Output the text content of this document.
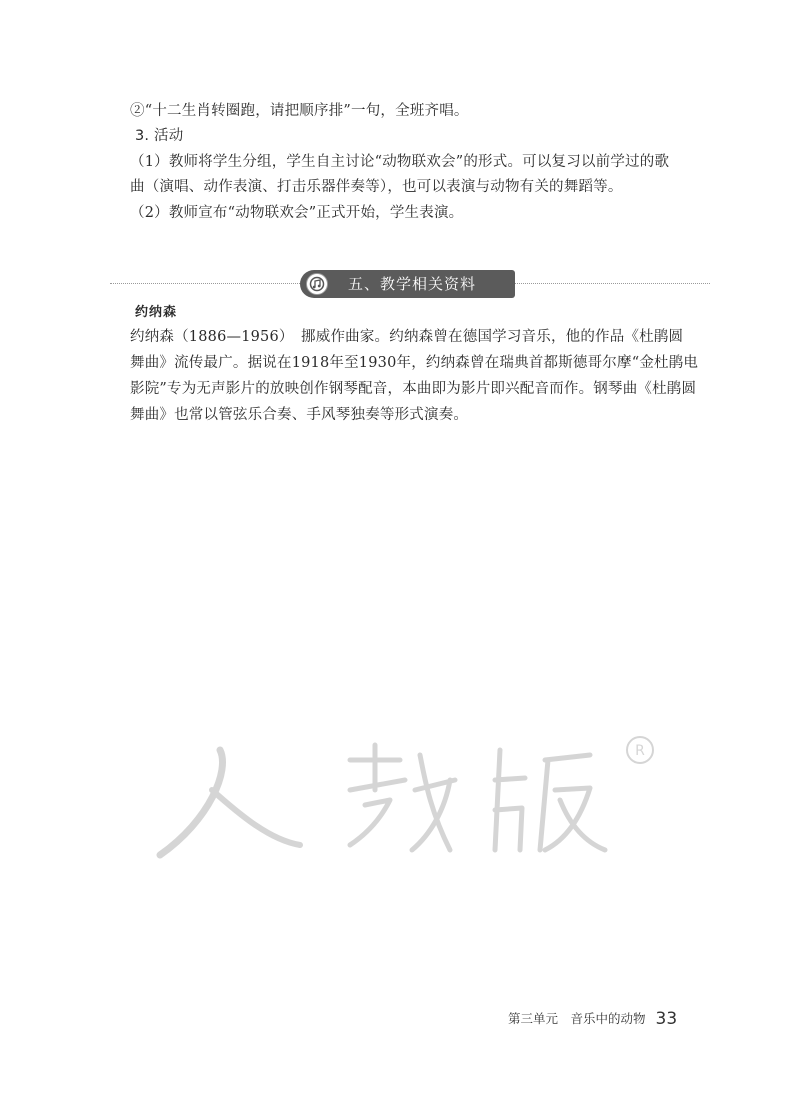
②“十二生肖转圈跑，请把顺序排”一句，全班齐唱。
3. 活动
（1）教师将学生分组，学生自主讨论“动物联欢会”的形式。可以复习以前学过的歌
曲（演唱、动作表演、打击乐器伴奏等），也可以表演与动物有关的舞蹈等。
（2）教师宣布“动物联欢会”正式开始，学生表演。
五、教学相关资料
约纳森
约纳森（1886—1956）　挪威作曲家。约纳森曾在德国学习音乐，他的作品《杜鹃圆
舞曲》流传最广。据说在1918年至1930年，约纳森曾在瑞典首都斯德哥尔摩“金杜鹃电
影院”专为无声影片的放映创作钢琴配音，本曲即为影片即兴配音而作。钢琴曲《杜鹃圆
舞曲》也常以管弦乐合奏、手风琴独奏等形式演奏。
R
第三单元　音乐中的动物 33
